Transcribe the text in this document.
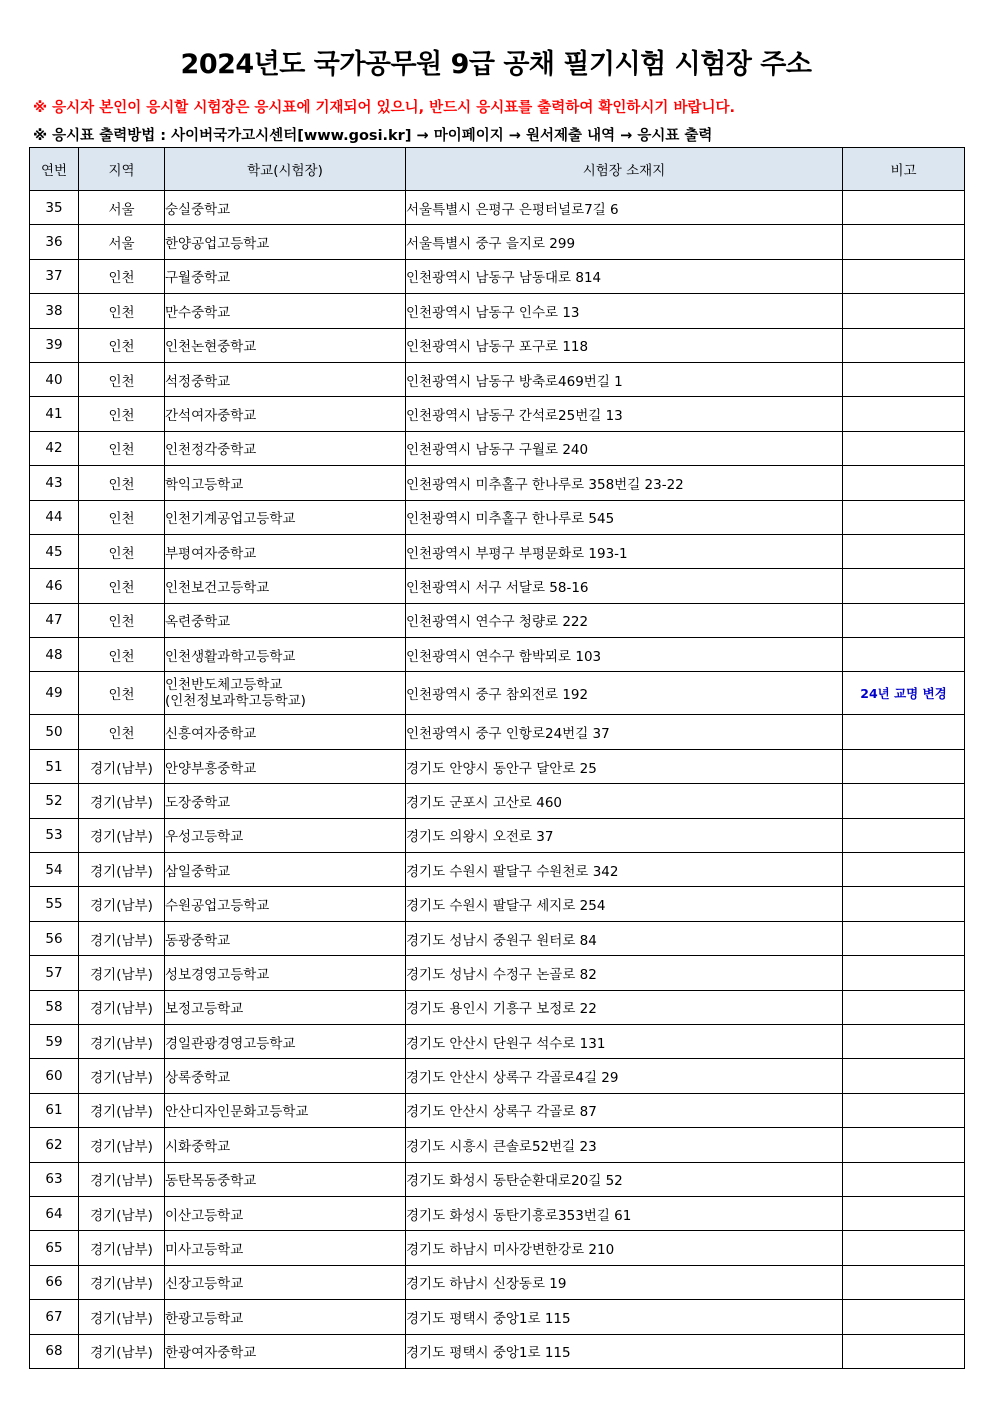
2024년도 국가공무원 9급 공채 필기시험 시험장 주소
※ 응시자 본인이 응시할 시험장은 응시표에 기재되어 있으니, 반드시 응시표를 출력하여 확인하시기 바랍니다.
※ 응시표 출력방법 : 사이버국가고시센터[www.gosi.kr] → 마이페이지 → 원서제출 내역 → 응시표 출력
연번	지역	학교(시험장)	시험장 소재지	비고
35	서울	숭실중학교	서울특별시 은평구 은평터널로7길 6	
36	서울	한양공업고등학교	서울특별시 중구 을지로 299	
37	인천	구월중학교	인천광역시 남동구 남동대로 814	
38	인천	만수중학교	인천광역시 남동구 인수로 13	
39	인천	인천논현중학교	인천광역시 남동구 포구로 118	
40	인천	석정중학교	인천광역시 남동구 방축로469번길 1	
41	인천	간석여자중학교	인천광역시 남동구 간석로25번길 13	
42	인천	인천정각중학교	인천광역시 남동구 구월로 240	
43	인천	학익고등학교	인천광역시 미추홀구 한나루로 358번길 23-22	
44	인천	인천기계공업고등학교	인천광역시 미추홀구 한나루로 545	
45	인천	부평여자중학교	인천광역시 부평구 부평문화로 193-1	
46	인천	인천보건고등학교	인천광역시 서구 서달로 58-16	
47	인천	옥련중학교	인천광역시 연수구 청량로 222	
48	인천	인천생활과학고등학교	인천광역시 연수구 함박뫼로 103	
49	인천	인천반도체고등학교
(인천정보과학고등학교)	인천광역시 중구 참외전로 192	24년 교명 변경
50	인천	신흥여자중학교	인천광역시 중구 인항로24번길 37	
51	경기(남부)	안양부흥중학교	경기도 안양시 동안구 달안로 25	
52	경기(남부)	도장중학교	경기도 군포시 고산로 460	
53	경기(남부)	우성고등학교	경기도 의왕시 오전로 37	
54	경기(남부)	삼일중학교	경기도 수원시 팔달구 수원천로 342	
55	경기(남부)	수원공업고등학교	경기도 수원시 팔달구 세지로 254	
56	경기(남부)	동광중학교	경기도 성남시 중원구 원터로 84	
57	경기(남부)	성보경영고등학교	경기도 성남시 수정구 논골로 82	
58	경기(남부)	보정고등학교	경기도 용인시 기흥구 보정로 22	
59	경기(남부)	경일관광경영고등학교	경기도 안산시 단원구 석수로 131	
60	경기(남부)	상록중학교	경기도 안산시 상록구 각골로4길 29	
61	경기(남부)	안산디자인문화고등학교	경기도 안산시 상록구 각골로 87	
62	경기(남부)	시화중학교	경기도 시흥시 큰솔로52번길 23	
63	경기(남부)	동탄목동중학교	경기도 화성시 동탄순환대로20길 52	
64	경기(남부)	이산고등학교	경기도 화성시 동탄기흥로353번길 61	
65	경기(남부)	미사고등학교	경기도 하남시 미사강변한강로 210	
66	경기(남부)	신장고등학교	경기도 하남시 신장동로 19	
67	경기(남부)	한광고등학교	경기도 평택시 중앙1로 115	
68	경기(남부)	한광여자중학교	경기도 평택시 중앙1로 115	
